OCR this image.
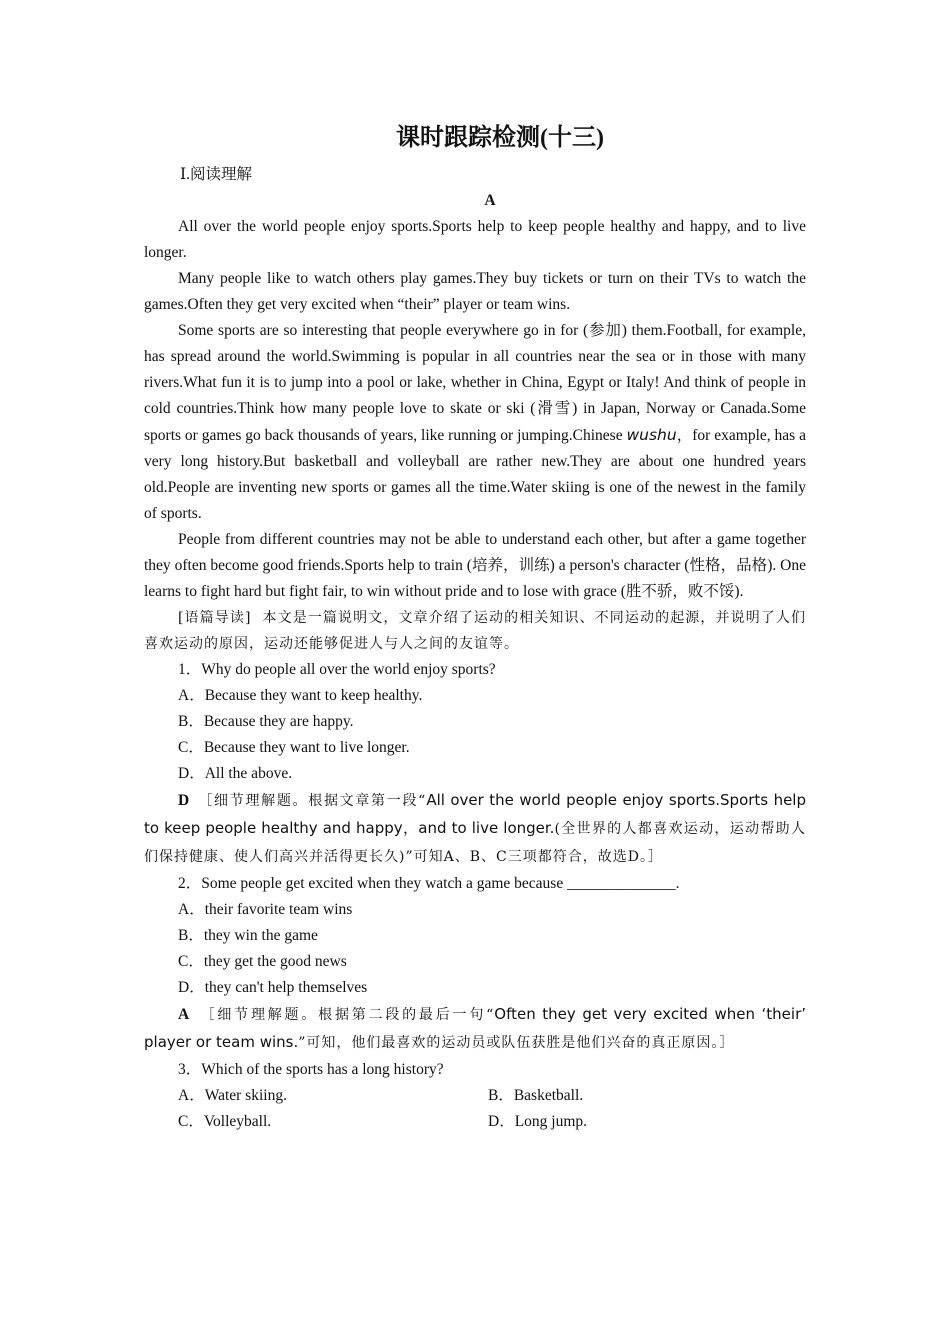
课时跟踪检测(十三)

Ⅰ.阅读理解

A

All over the world people enjoy sports.Sports help to keep people healthy and happy, and to live longer.

Many people like to watch others play games.They buy tickets or turn on their TVs to watch the games.Often they get very excited when “their” player or team wins.

Some sports are so interesting that people everywhere go in for (参加) them.Football, for example, has spread around the world.Swimming is popular in all countries near the sea or in those with many rivers.What fun it is to jump into a pool or lake, whether in China, Egypt or Italy! And think of people in cold countries.Think how many people love to skate or ski (滑雪) in Japan, Norway or Canada.Some sports or games go back thousands of years, like running or jumping.Chinese wushu，for example, has a very long history.But basketball and volleyball are rather new.They are about one hundred years old.People are inventing new sports or games all the time.Water skiing is one of the newest in the family of sports.

People from different countries may not be able to understand each other, but after a game together they often become good friends.Sports help to train (培养，训练) a person's character (性格，品格). One learns to fight hard but fight fair, to win without pride and to lose with grace (胜不骄，败不馁).

[语篇导读] 本文是一篇说明文，文章介绍了运动的相关知识、不同运动的起源，并说明了人们喜欢运动的原因，运动还能够促进人与人之间的友谊等。

1．Why do people all over the world enjoy sports?

A．Because they want to keep healthy.

B．Because they are happy.

C．Because they want to live longer.

D．All the above.

D ［细节理解题。根据文章第一段“All over the world people enjoy sports.Sports help to keep people healthy and happy，and to live longer.(全世界的人都喜欢运动，运动帮助人们保持健康、使人们高兴并活得更长久)”可知A、B、C三项都符合，故选D。］

2．Some people get excited when they watch a game because ______________.

A．their favorite team wins

B．they win the game

C．they get the good news

D．they can't help themselves

A ［细节理解题。根据第二段的最后一句“Often they get very excited when ‘their’ player or team wins.”可知，他们最喜欢的运动员或队伍获胜是他们兴奋的真正原因。］

3．Which of the sports has a long history?

A．Water skiing.	B．Basketball.
C．Volleyball.	D．Long jump.
